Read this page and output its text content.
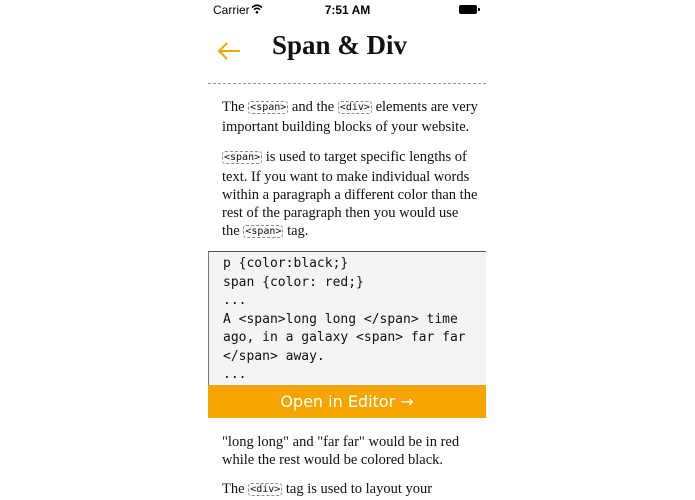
Carrier	7:51 AM
Span & Div

The <span> and the <div> elements are very important building blocks of your website.

<span> is used to target specific lengths of text. If you want to make individual words within a paragraph a different color than the rest of the paragraph then you would use the <span> tag.

p {color:black;}
span {color: red;}
...
A <span>long long </span> time
ago, in a galaxy <span> far far
</span> away.
...
Open in Editor →

"long long" and "far far" would be in red while the rest would be colored black.

The <div> tag is used to layout your
